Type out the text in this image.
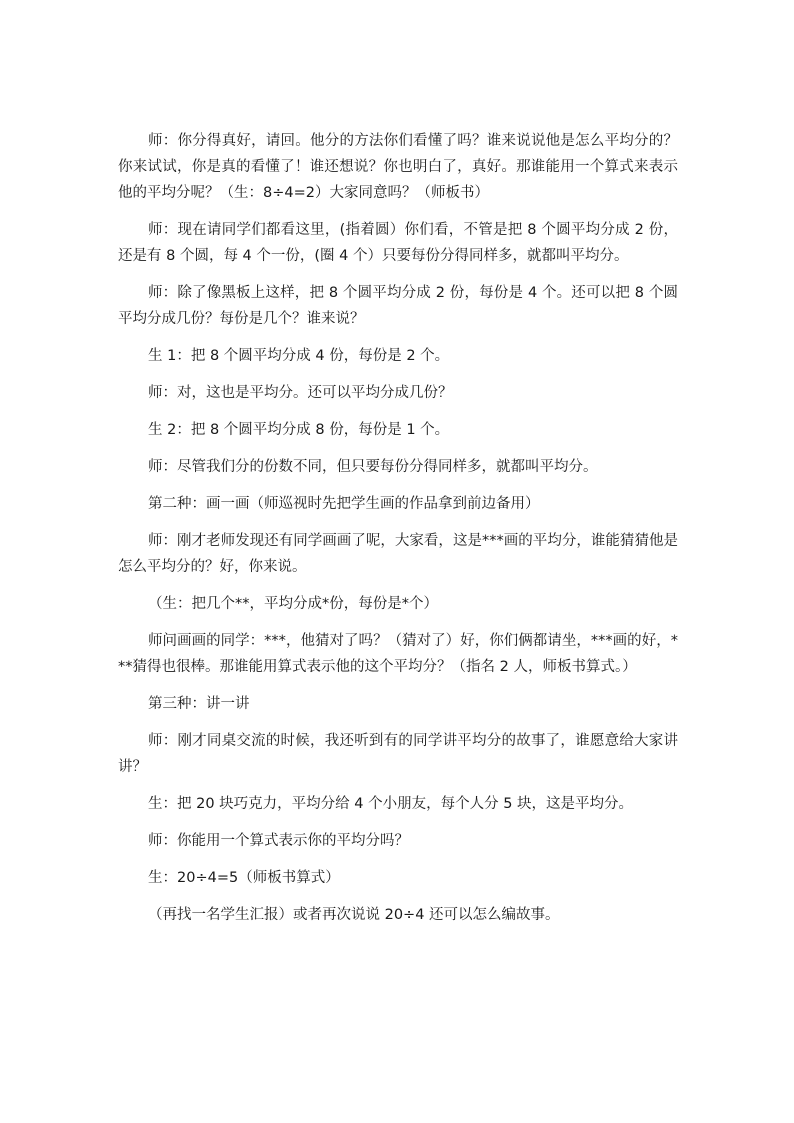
师：你分得真好，请回。他分的方法你们看懂了吗？谁来说说他是怎么平均分的？你来试试，你是真的看懂了！谁还想说？你也明白了，真好。那谁能用一个算式来表示他的平均分呢？（生：8÷4=2）大家同意吗？（师板书）

师：现在请同学们都看这里，(指着圆）你们看，不管是把 8 个圆平均分成 2 份，还是有 8 个圆，每 4 个一份，(圈 4 个）只要每份分得同样多，就都叫平均分。

师：除了像黑板上这样，把 8 个圆平均分成 2 份，每份是 4 个。还可以把 8 个圆平均分成几份？每份是几个？谁来说？

生 1：把 8 个圆平均分成 4 份，每份是 2 个。

师：对，这也是平均分。还可以平均分成几份？

生 2：把 8 个圆平均分成 8 份，每份是 1 个。

师：尽管我们分的份数不同，但只要每份分得同样多，就都叫平均分。

第二种：画一画（师巡视时先把学生画的作品拿到前边备用）

师：刚才老师发现还有同学画画了呢，大家看，这是***画的平均分，谁能猜猜他是怎么平均分的？好，你来说。

（生：把几个**，平均分成*份，每份是*个）

师问画画的同学：***，他猜对了吗？（猜对了）好，你们俩都请坐，***画的好，***猜得也很棒。那谁能用算式表示他的这个平均分？（指名 2 人，师板书算式。）

第三种：讲一讲

师：刚才同桌交流的时候，我还听到有的同学讲平均分的故事了，谁愿意给大家讲讲？

生：把 20 块巧克力，平均分给 4 个小朋友，每个人分 5 块，这是平均分。

师：你能用一个算式表示你的平均分吗？

生：20÷4=5（师板书算式）

（再找一名学生汇报）或者再次说说 20÷4 还可以怎么编故事。
